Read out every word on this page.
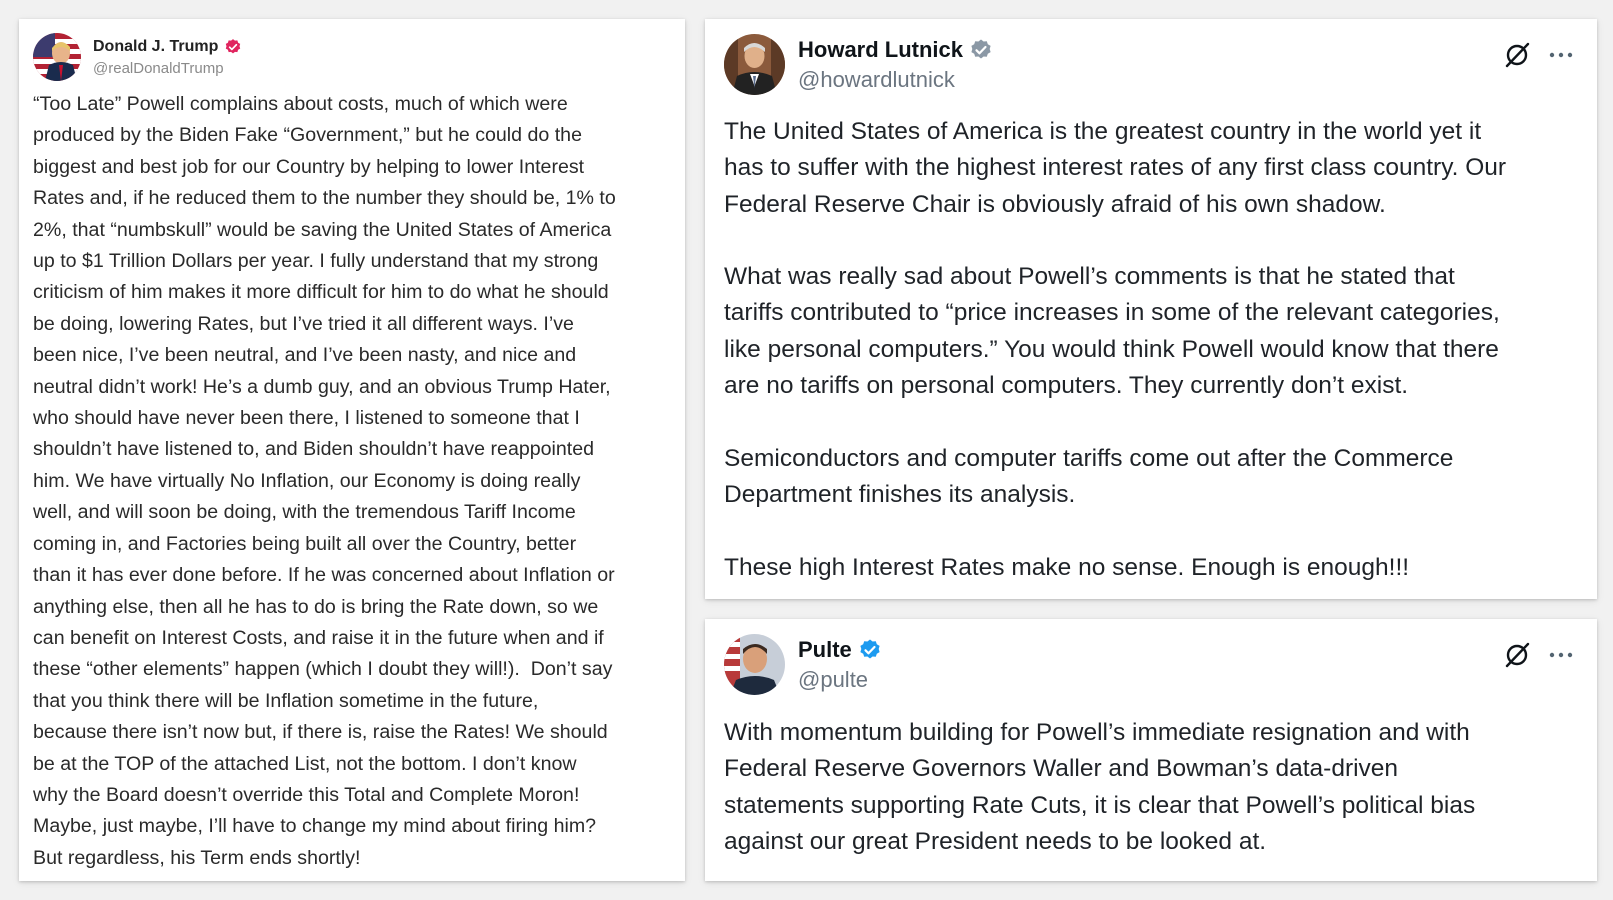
Donald J. Trump
@realDonaldTrump
“Too Late” Powell complains about costs, much of which were
produced by the Biden Fake “Government,” but he could do the
biggest and best job for our Country by helping to lower Interest
Rates and, if he reduced them to the number they should be, 1% to
2%, that “numbskull” would be saving the United States of America
up to $1 Trillion Dollars per year. I fully understand that my strong
criticism of him makes it more difficult for him to do what he should
be doing, lowering Rates, but I’ve tried it all different ways. I’ve
been nice, I’ve been neutral, and I’ve been nasty, and nice and
neutral didn’t work! He’s a dumb guy, and an obvious Trump Hater,
who should have never been there, I listened to someone that I
shouldn’t have listened to, and Biden shouldn’t have reappointed
him. We have virtually No Inflation, our Economy is doing really
well, and will soon be doing, with the tremendous Tariff Income
coming in, and Factories being built all over the Country, better
than it has ever done before. If he was concerned about Inflation or
anything else, then all he has to do is bring the Rate down, so we
can benefit on Interest Costs, and raise it in the future when and if
these “other elements” happen (which I doubt they will!).  Don’t say
that you think there will be Inflation sometime in the future,
because there isn’t now but, if there is, raise the Rates! We should
be at the TOP of the attached List, not the bottom. I don’t know
why the Board doesn’t override this Total and Complete Moron!
Maybe, just maybe, I’ll have to change my mind about firing him?
But regardless, his Term ends shortly!
Howard Lutnick
@howardlutnick
The United States of America is the greatest country in the world yet it
has to suffer with the highest interest rates of any first class country. Our
Federal Reserve Chair is obviously afraid of his own shadow.

What was really sad about Powell’s comments is that he stated that
tariffs contributed to “price increases in some of the relevant categories,
like personal computers.” You would think Powell would know that there
are no tariffs on personal computers. They currently don’t exist.

Semiconductors and computer tariffs come out after the Commerce
Department finishes its analysis.

These high Interest Rates make no sense. Enough is enough!!!
Pulte
@pulte
With momentum building for Powell’s immediate resignation and with
Federal Reserve Governors Waller and Bowman’s data-driven
statements supporting Rate Cuts, it is clear that Powell’s political bias
against our great President needs to be looked at.
